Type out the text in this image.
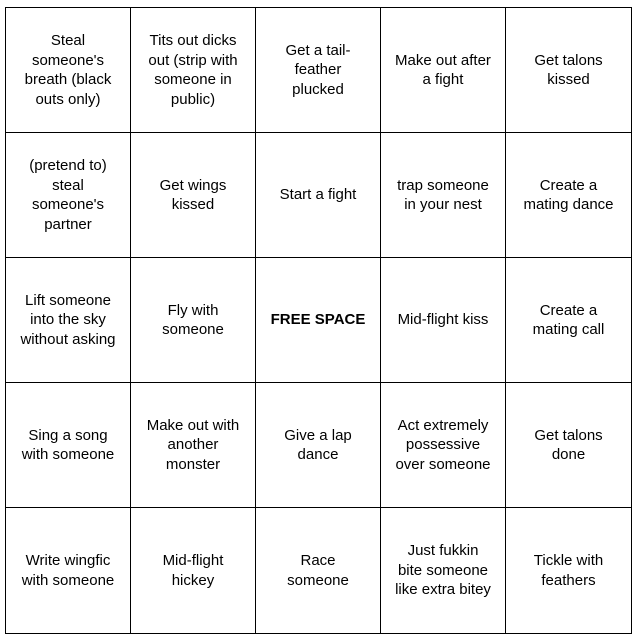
Steal
someone's
breath (black
outs only)
Tits out dicks
out (strip with
someone in
public)
Get a tail-
feather
plucked
Make out after
a fight
Get talons
kissed
(pretend to)
steal
someone's
partner
Get wings
kissed
Start a fight
trap someone
in your nest
Create a
mating dance
Lift someone
into the sky
without asking
Fly with
someone
FREE SPACE	Mid-flight kiss
Create a
mating call
Sing a song
with someone
Make out with
another
monster
Give a lap
dance
Act extremely
possessive
over someone
Get talons
done
Write wingfic
with someone
Mid-flight
hickey
Race
someone
Just fukkin
bite someone
like extra bitey
Tickle with
feathers
